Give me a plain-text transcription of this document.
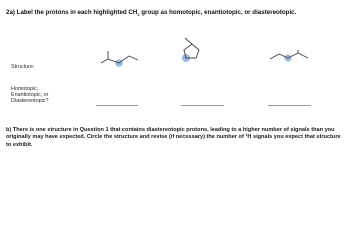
2a) Label the protons in each highlighted $CH_2$ group as homotopic, enantiotopic, or diastereotopic.
Structure:
Homotopic,
Enantiotopic, or
Diastereotopic?
b) There is one structure in Question 1 that contains diastereotopic protons, leading to a higher number of signals than you originally may have expected. Circle the structure and revise (if necessary) the number of $^1$H signals you expect that structure to exhibit.
